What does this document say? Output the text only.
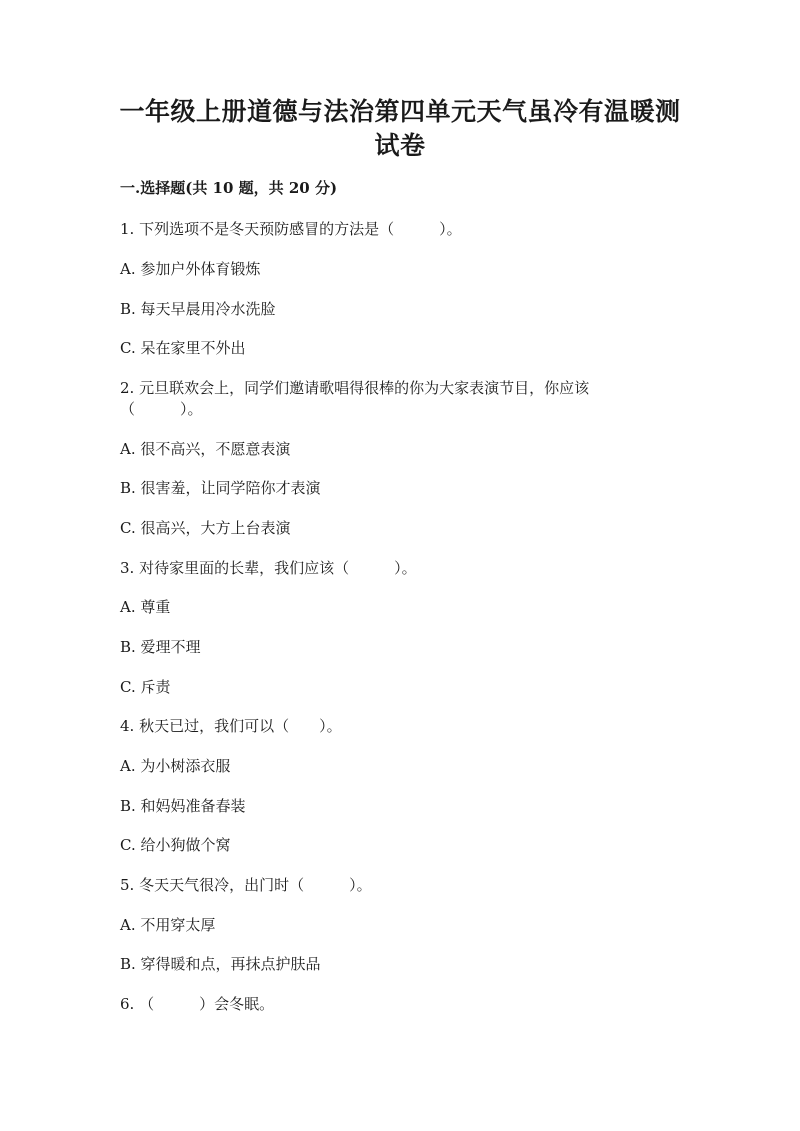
一年级上册道德与法治第四单元天气虽冷有温暖测
试卷
一.选择题(共 10 题，共 20 分)
1. 下列选项不是冬天预防感冒的方法是（　　　）。
A. 参加户外体育锻炼
B. 每天早晨用冷水洗脸
C. 呆在家里不外出
2. 元旦联欢会上，同学们邀请歌唱得很棒的你为大家表演节目，你应该
（　　　）。
A. 很不高兴，不愿意表演
B. 很害羞，让同学陪你才表演
C. 很高兴，大方上台表演
3. 对待家里面的长辈，我们应该（　　　）。
A. 尊重
B. 爱理不理
C. 斥责
4. 秋天已过，我们可以（　　）。
A. 为小树添衣服
B. 和妈妈准备春装
C. 给小狗做个窝
5. 冬天天气很冷，出门时（　　　）。
A. 不用穿太厚
B. 穿得暖和点，再抹点护肤品
6. （　　　）会冬眠。
